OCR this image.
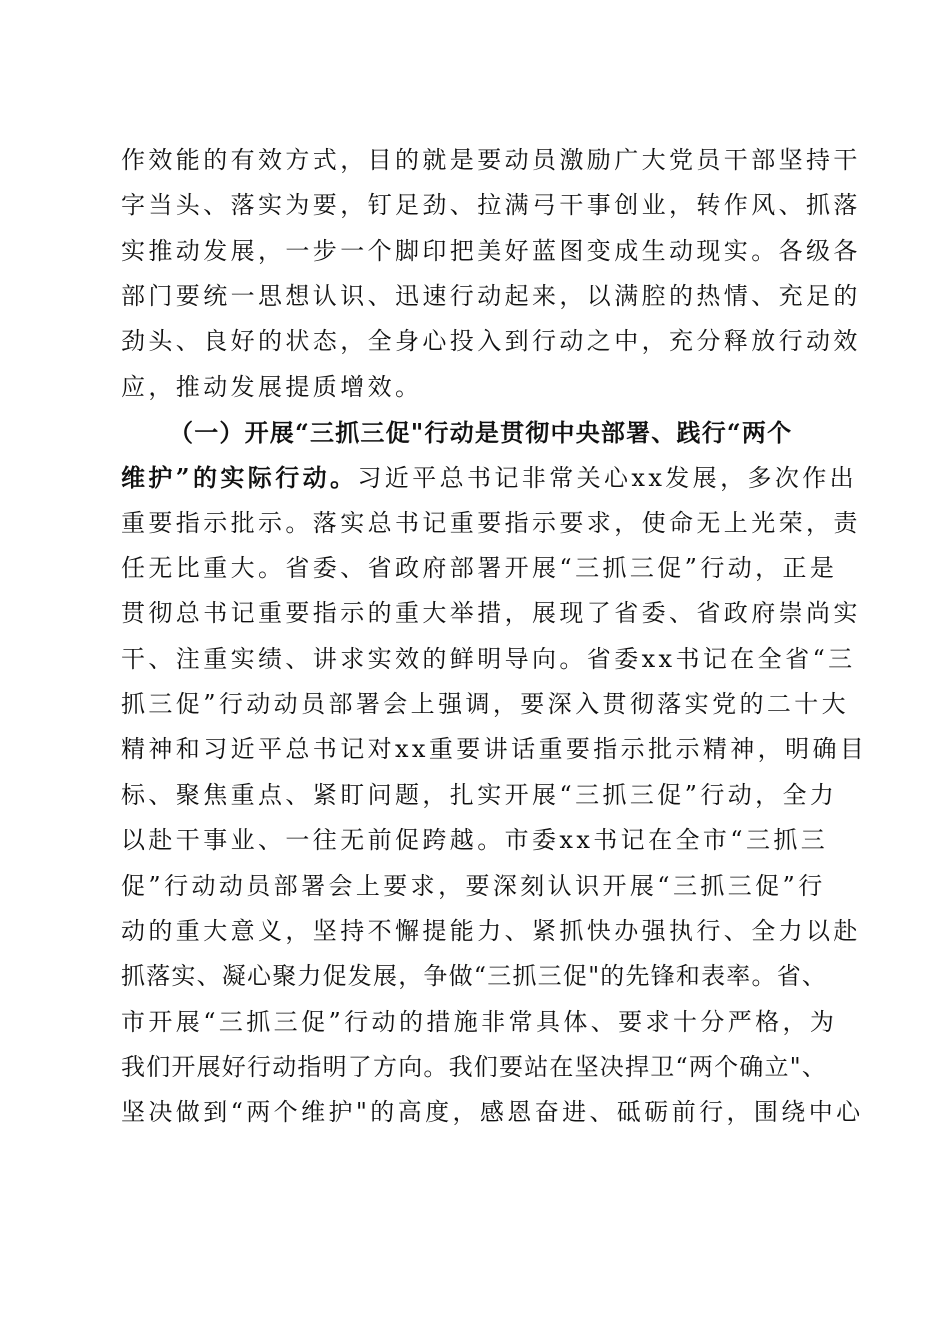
作效能的有效方式，目的就是要动员激励广大党员干部坚持干
字当头、落实为要，钉足劲、拉满弓干事创业，转作风、抓落
实推动发展，一步一个脚印把美好蓝图变成生动现实。各级各
部门要统一思想认识、迅速行动起来，以满腔的热情、充足的
劲头、良好的状态，全身心投入到行动之中，充分释放行动效
应，推动发展提质增效。
（一）开展“三抓三促"行动是贯彻中央部署、践行“两个
维护”的实际行动。习近平总书记非常关心xx发展，多次作出
重要指示批示。落实总书记重要指示要求，使命无上光荣，责
任无比重大。省委、省政府部署开展“三抓三促”行动，正是
贯彻总书记重要指示的重大举措，展现了省委、省政府崇尚实
干、注重实绩、讲求实效的鲜明导向。省委xx书记在全省“三
抓三促”行动动员部署会上强调，要深入贯彻落实党的二十大
精神和习近平总书记对xx重要讲话重要指示批示精神，明确目
标、聚焦重点、紧盯问题，扎实开展“三抓三促”行动，全力
以赴干事业、一往无前促跨越。市委xx书记在全市“三抓三
促”行动动员部署会上要求，要深刻认识开展“三抓三促”行
动的重大意义，坚持不懈提能力、紧抓快办强执行、全力以赴
抓落实、凝心聚力促发展，争做“三抓三促"的先锋和表率。省、
市开展“三抓三促”行动的措施非常具体、要求十分严格，为
我们开展好行动指明了方向。我们要站在坚决捍卫“两个确立"、
坚决做到“两个维护"的高度，感恩奋进、砥砺前行，围绕中心
